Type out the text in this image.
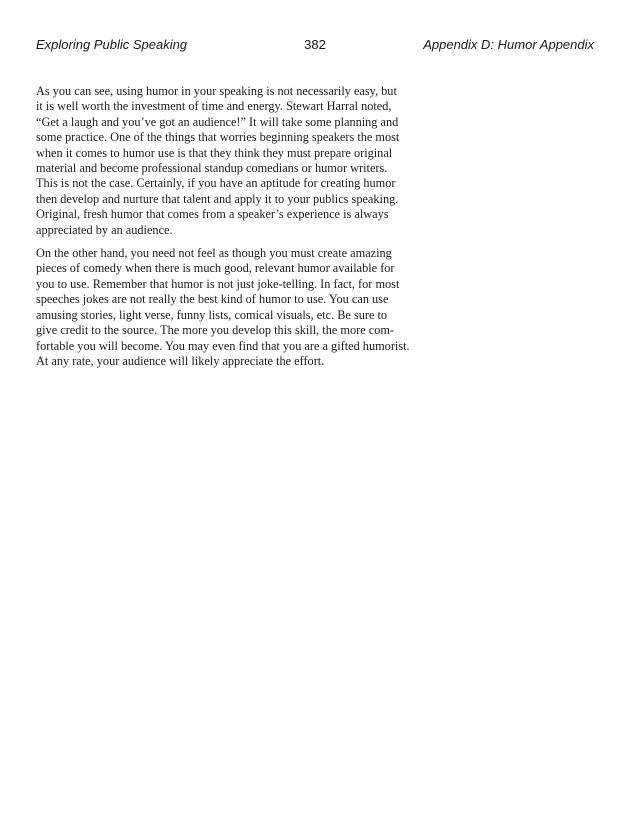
Exploring Public Speaking	382	Appendix D: Humor Appendix

As you can see, using humor in your speaking is not necessarily easy, but
it is well worth the investment of time and energy. Stewart Harral noted,
“Get a laugh and you’ve got an audience!” It will take some planning and
some practice. One of the things that worries beginning speakers the most
when it comes to humor use is that they think they must prepare original
material and become professional standup comedians or humor writers.
This is not the case. Certainly, if you have an aptitude for creating humor
then develop and nurture that talent and apply it to your publics speaking.
Original, fresh humor that comes from a speaker’s experience is always
appreciated by an audience.

On the other hand, you need not feel as though you must create amazing
pieces of comedy when there is much good, relevant humor available for
you to use. Remember that humor is not just joke-telling. In fact, for most
speeches jokes are not really the best kind of humor to use. You can use
amusing stories, light verse, funny lists, comical visuals, etc. Be sure to
give credit to the source. The more you develop this skill, the more com-
fortable you will become. You may even find that you are a gifted humorist.
At any rate, your audience will likely appreciate the effort.
